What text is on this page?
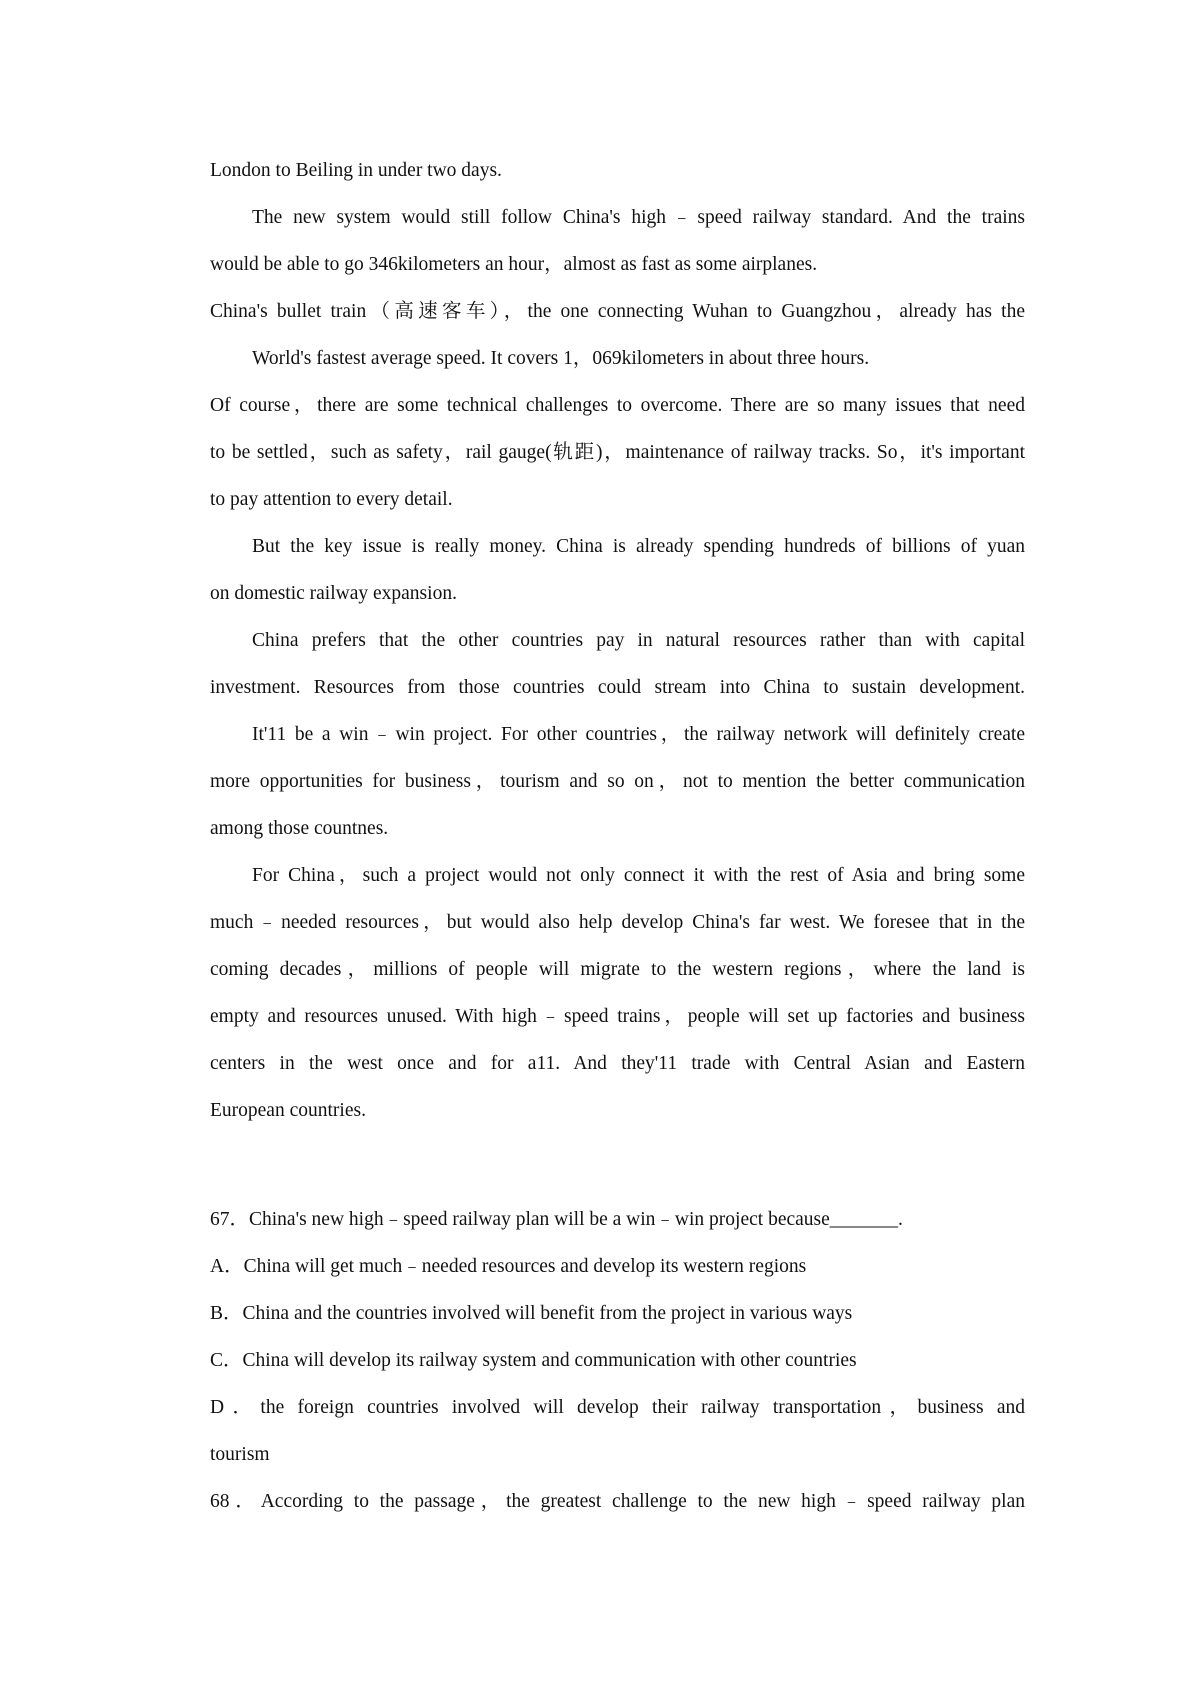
London to Beiling in under two days.
The new system would still follow China's high﹣speed railway standard. And the trains
would be able to go 346kilometers an hour，almost as fast as some airplanes.
China's bullet train（高速客车），the one connecting Wuhan to Guangzhou，already has the
World's fastest average speed. It covers 1，069kilometers in about three hours.
Of course，there are some technical challenges to overcome. There are so many issues that need
to be settled，such as safety，rail gauge(轨距)，maintenance of railway tracks. So，it's important
to pay attention to every detail.
But the key issue is really money. China is already spending hundreds of billions of yuan
on domestic railway expansion.
China prefers that the other countries pay in natural resources rather than with capital
investment. Resources from those countries could stream into China to sustain development.
It'11 be a win﹣win project. For other countries，the railway network will definitely create
more opportunities for business，tourism and so on，not to mention the better communication
among those countnes.
For China，such a project would not only connect it with the rest of Asia and bring some
much﹣needed resources，but would also help develop China's far west. We foresee that in the
coming decades，millions of people will migrate to the western regions，where the land is
empty and resources unused. With high﹣speed trains，people will set up factories and business
centers in the west once and for a11. And they'11 trade with Central Asian and Eastern
European countries.
67．China's new high﹣speed railway plan will be a win﹣win project because_______.
A．China will get much﹣needed resources and develop its western regions
B．China and the countries involved will benefit from the project in various ways
C．China will develop its railway system and communication with other countries
D．the foreign countries involved will develop their railway transportation，business and
tourism
68．According to the passage，the greatest challenge to the new high﹣speed railway plan
